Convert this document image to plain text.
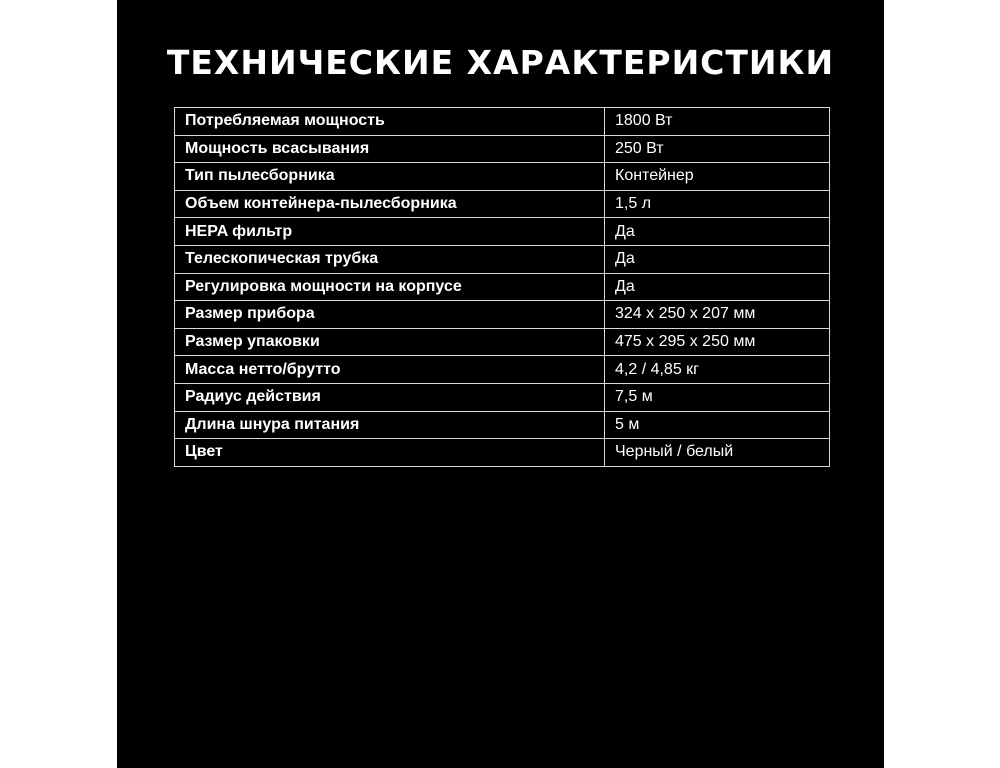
ТЕХНИЧЕСКИЕ ХАРАКТЕРИСТИКИ
Потребляемая мощность	1800 Вт
Мощность всасывания	250 Вт
Тип пылесборника	Контейнер
Объем контейнера-пылесборника	1,5 л
HEPA фильтр	Да
Телескопическая трубка	Да
Регулировка мощности на корпусе	Да
Размер прибора	324 х 250 х 207 мм
Размер упаковки	475 х 295 х 250 мм
Масса нетто/брутто	4,2 / 4,85 кг
Радиус действия	7,5 м
Длина шнура питания	5 м
Цвет	Черный / белый
